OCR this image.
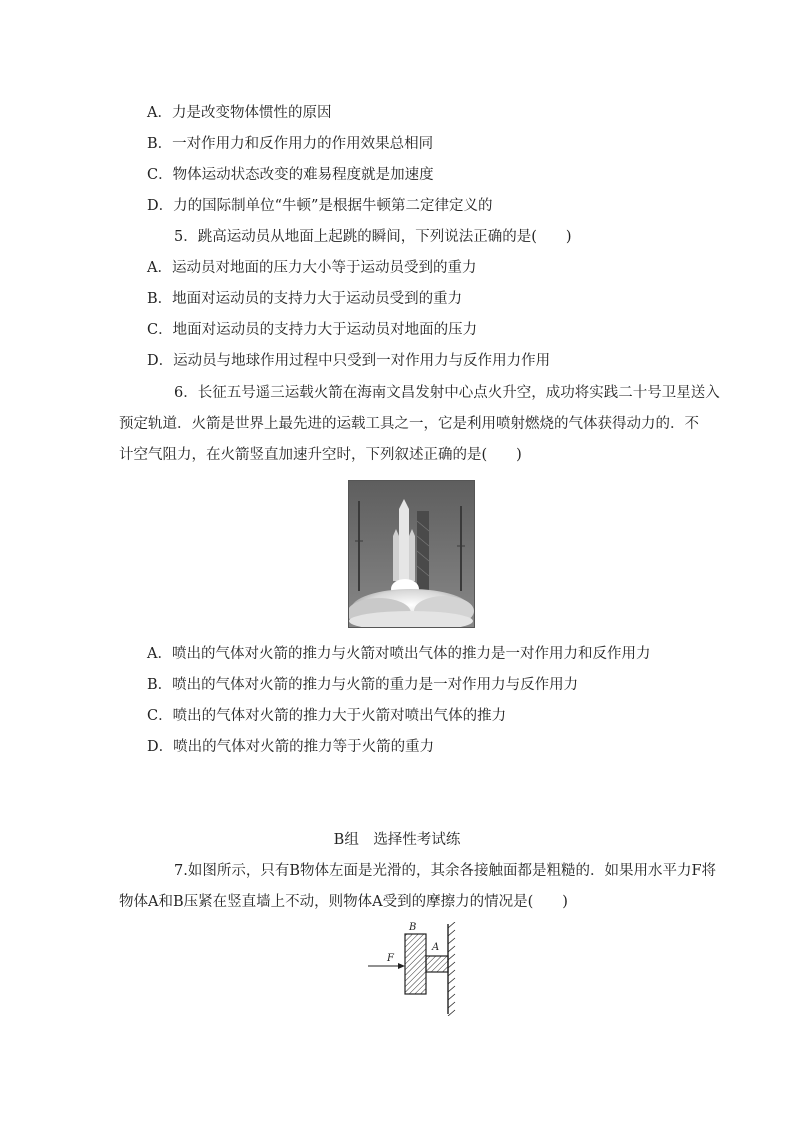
A．力是改变物体惯性的原因
B．一对作用力和反作用力的作用效果总相同
C．物体运动状态改变的难易程度就是加速度
D．力的国际制单位“牛顿”是根据牛顿第二定律定义的
5．跳高运动员从地面上起跳的瞬间，下列说法正确的是(　　)
A．运动员对地面的压力大小等于运动员受到的重力
B．地面对运动员的支持力大于运动员受到的重力
C．地面对运动员的支持力大于运动员对地面的压力
D．运动员与地球作用过程中只受到一对作用力与反作用力作用
6．长征五号遥三运载火箭在海南文昌发射中心点火升空，成功将实践二十号卫星送入
预定轨道．火箭是世界上最先进的运载工具之一，它是利用喷射燃烧的气体获得动力的．不
计空气阻力，在火箭竖直加速升空时，下列叙述正确的是(　　)
A．喷出的气体对火箭的推力与火箭对喷出气体的推力是一对作用力和反作用力
B．喷出的气体对火箭的推力与火箭的重力是一对作用力与反作用力
C．喷出的气体对火箭的推力大于火箭对喷出气体的推力
D．喷出的气体对火箭的推力等于火箭的重力
B组　选择性考试练
7.如图所示，只有B物体左面是光滑的，其余各接触面都是粗糙的．如果用水平力F将
物体A和B压紧在竖直墙上不动，则物体A受到的摩擦力的情况是(　　)
B
A
F
